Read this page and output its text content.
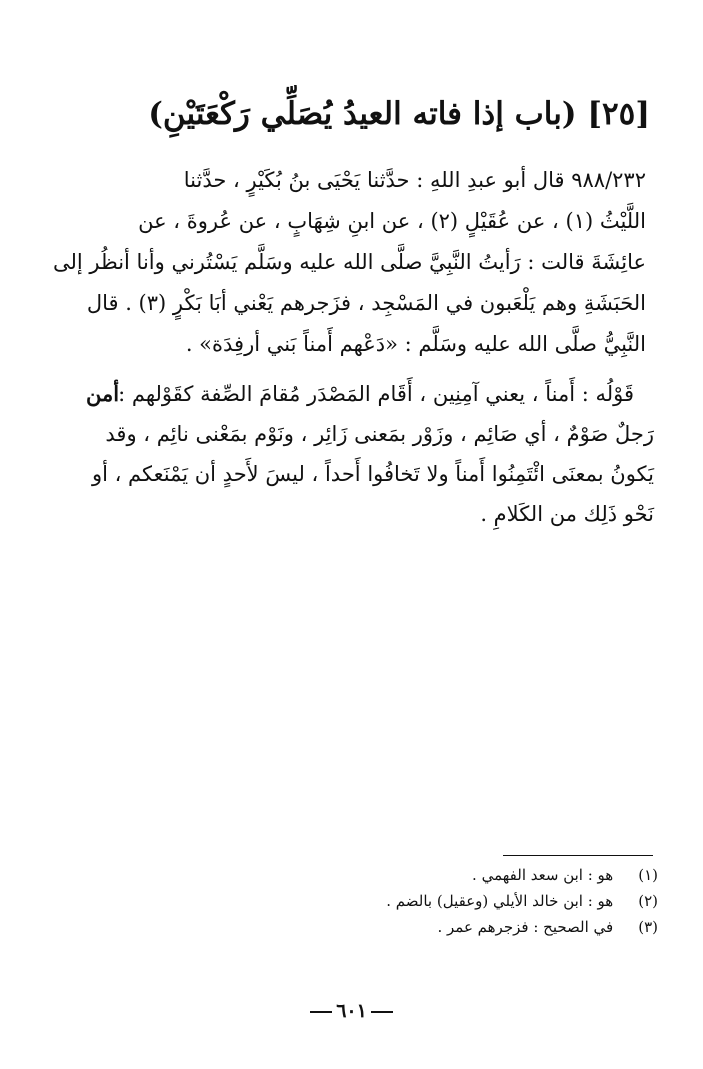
[٢٥] (باب إذا فاته العيدُ يُصَلِّي رَكْعَتَيْنِ)
٩٨٨/٢٣٢ قال أبو عبدِ اللهِ : حدَّثنا يَحْيَى بنُ بُكَيْرٍ ، حدَّثنا
اللَّيْثُ (١) ، عن عُقَيْلٍ (٢) ، عن ابنِ شِهَابٍ ، عن عُروةَ ، عن
عائِشَةَ قالت : رَأيتُ النَّبِيَّ صلَّى الله عليه وسَلَّم يَسْتُرني وأنا أنظُر إلى
الحَبَشَةِ وهم يَلْعَبون في المَسْجِد ، فزَجرهم يَعْني أبَا بَكْرٍ (٣) . قال
النَّبِيُّ صلَّى الله عليه وسَلَّم : «دَعْهم أَمناً بَني أرفِدَة» .
أمن قَوْلُه : أَمناً ، يعني آمِنِين ، أَقَام المَصْدَر مُقامَ الصِّفة كقَوْلهم :
رَجلٌ صَوْمٌ ، أي صَائِم ، وزَوْر بمَعنى زَائِر ، ونَوْم بمَعْنى نائِم ، وقد
يَكونُ بمعنَى ائْتَمِنُوا أَمناً ولا تَخافُوا أَحداً ، ليسَ لأَحدٍ أن يَمْنَعكم ، أو
نَحْو ذَلِك من الكَلامِ .
(١) هو : ابن سعد الفهمي .
(٢) هو : ابن خالد الأيلي (وعقيل) بالضم .
(٣) في الصحيح : فزجرهم عمر .
٦٠١
